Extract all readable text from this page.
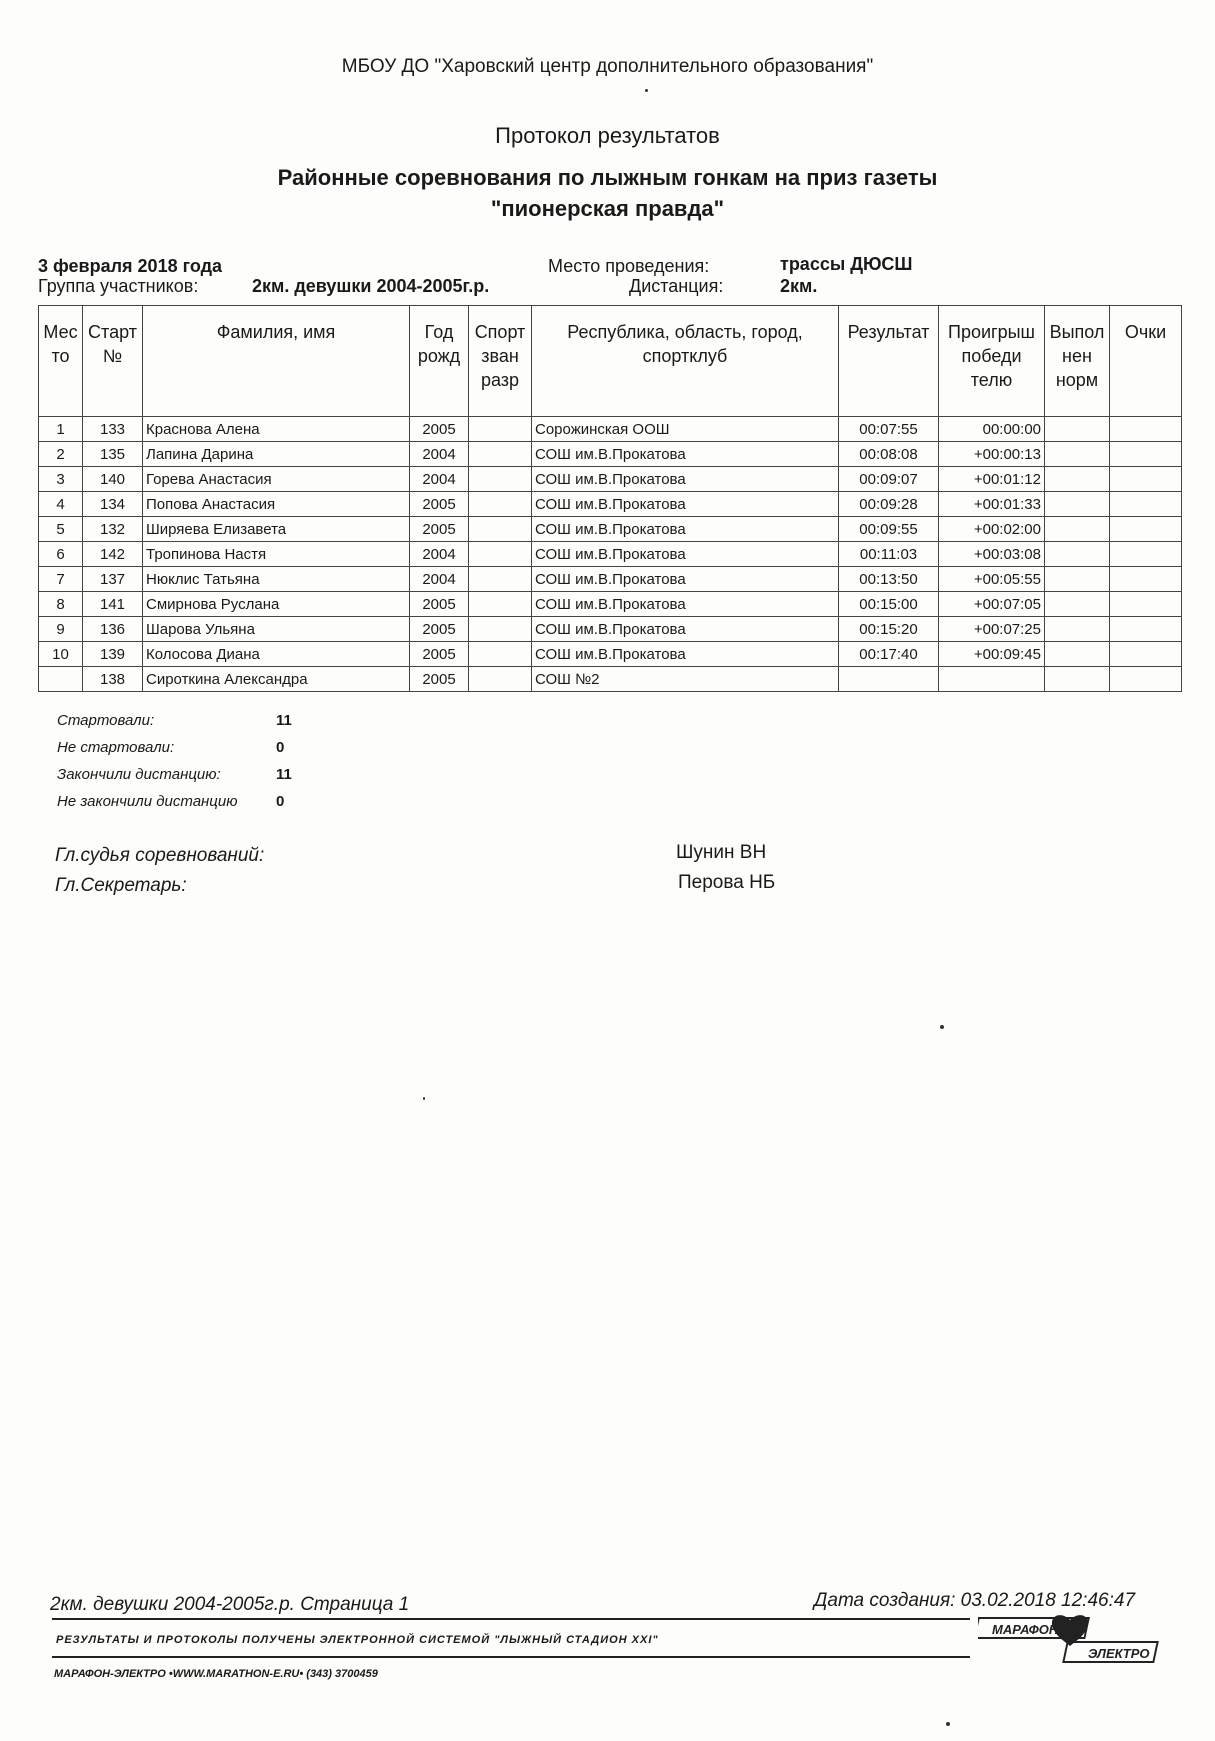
МБОУ ДО "Харовский центр дополнительного образования"
Протокол результатов
Районные соревнования по лыжным гонкам на приз газеты
"пионерская правда"
3 февраля 2018 года	Место проведения:	трассы ДЮСШ
Группа участников:	2км. девушки 2004-2005г.р.	Дистанция:	2км.
Мес то	Старт №	Фамилия, имя	Год рожд	Спорт зван разр	Республика, область, город, спортклуб	Результат	Проигрыш победи телю	Выпол нен норм	Очки
1	133	Краснова Алена	2005		Сорожинская ООШ	00:07:55	00:00:00		
2	135	Лапина Дарина	2004		СОШ им.В.Прокатова	00:08:08	+00:00:13		
3	140	Горева Анастасия	2004		СОШ им.В.Прокатова	00:09:07	+00:01:12		
4	134	Попова Анастасия	2005		СОШ им.В.Прокатова	00:09:28	+00:01:33		
5	132	Ширяева Елизавета	2005		СОШ им.В.Прокатова	00:09:55	+00:02:00		
6	142	Тропинова Настя	2004		СОШ им.В.Прокатова	00:11:03	+00:03:08		
7	137	Нюклис Татьяна	2004		СОШ им.В.Прокатова	00:13:50	+00:05:55		
8	141	Смирнова Руслана	2005		СОШ им.В.Прокатова	00:15:00	+00:07:05		
9	136	Шарова Ульяна	2005		СОШ им.В.Прокатова	00:15:20	+00:07:25		
10	139	Колосова Диана	2005		СОШ им.В.Прокатова	00:17:40	+00:09:45		
	138	Сироткина Александра	2005		СОШ №2				
Стартовали:	11
Не стартовали:	0
Закончили дистанцию:	11
Не закончили дистанцию	0
Гл.судья соревнований:	Шунин ВН
Гл.Секретарь:	Перова НБ
2км. девушки 2004-2005г.р. Страница 1	Дата создания: 03.02.2018 12:46:47
РЕЗУЛЬТАТЫ И ПРОТОКОЛЫ ПОЛУЧЕНЫ ЭЛЕКТРОННОЙ СИСТЕМОЙ "ЛЫЖНЫЙ СТАДИОН XXI"
МАРАФОН-ЭЛЕКТРО •WWW.MARATHON-E.RU• (343) 3700459
МАРАФОН
ЭЛЕКТРО
